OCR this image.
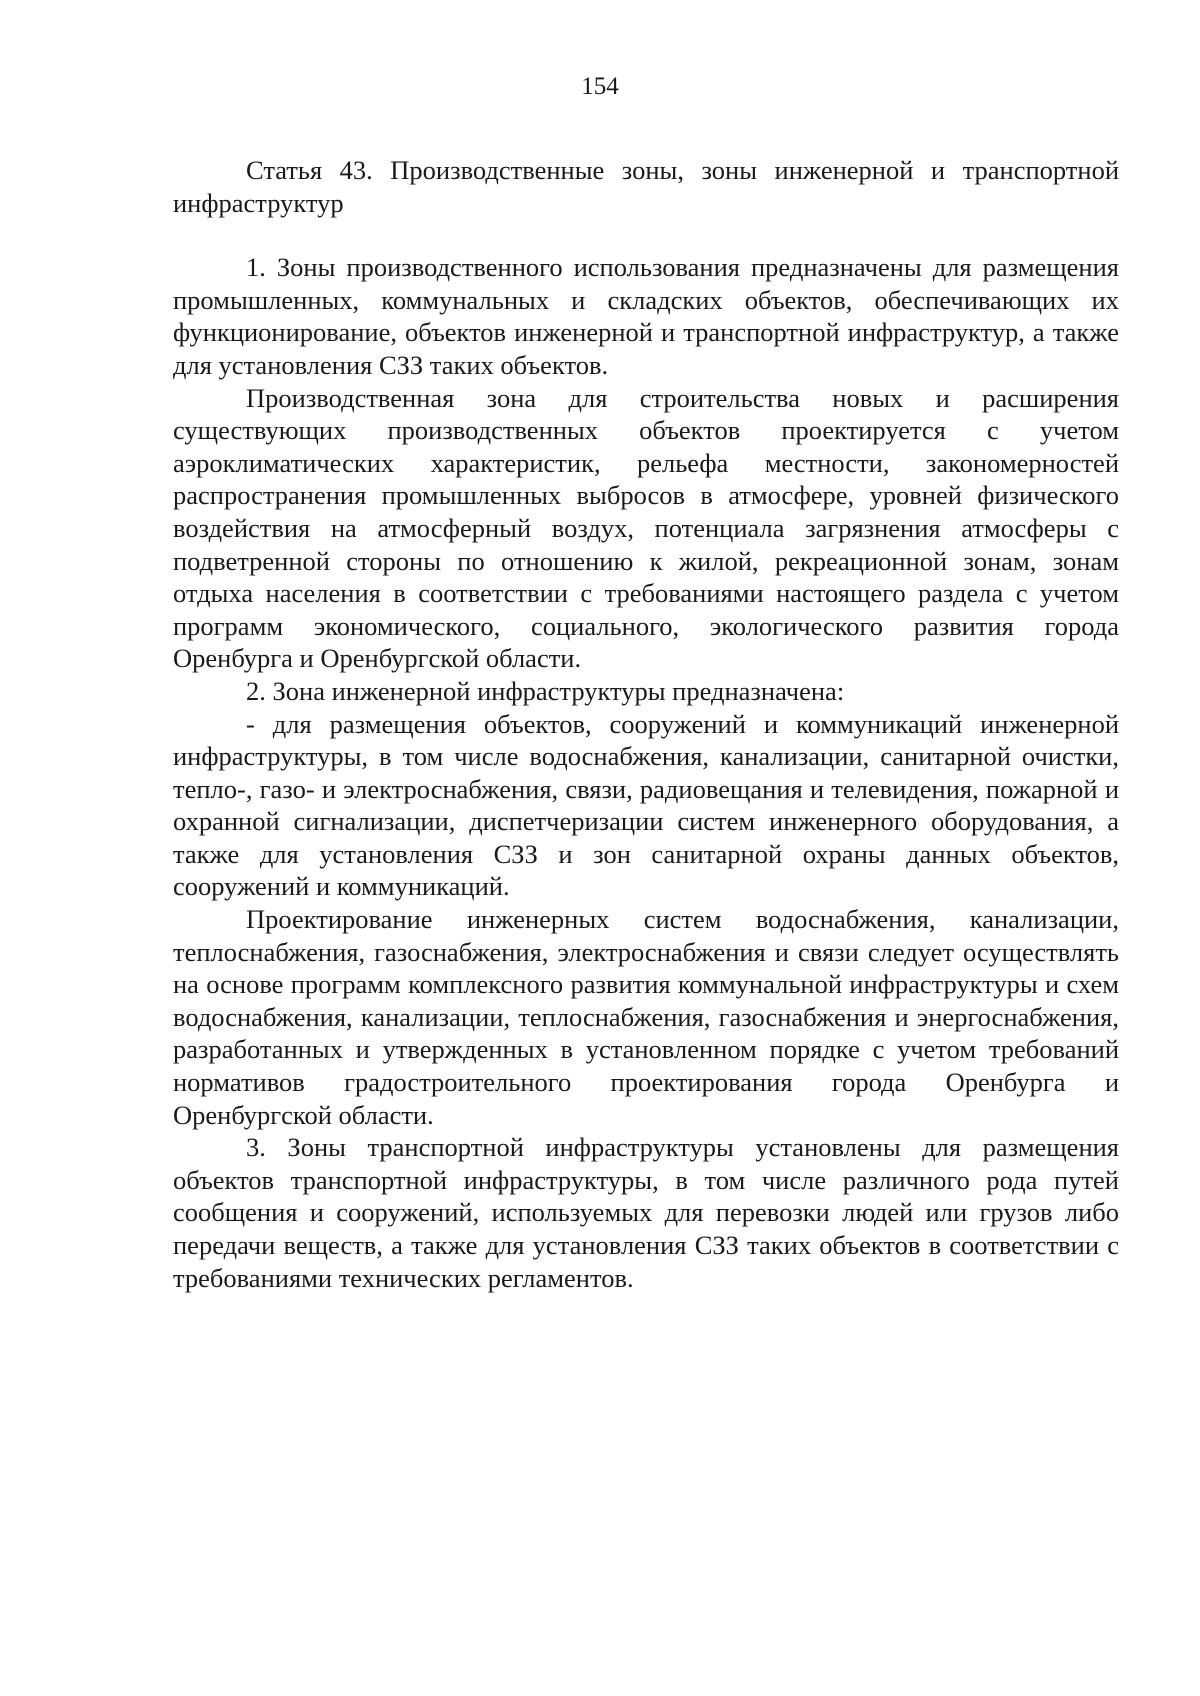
154
Статья 43. Производственные зоны, зоны инженерной и транспортной инфраструктур

1. Зоны производственного использования предназначены для размещения промышленных, коммунальных и складских объектов, обеспечивающих их функционирование, объектов инженерной и транспортной инфраструктур, а также для установления СЗЗ таких объектов.

Производственная зона для строительства новых и расширения существующих производственных объектов проектируется с учетом аэроклиматических характеристик, рельефа местности, закономерностей распространения промышленных выбросов в атмосфере, уровней физического воздействия на атмосферный воздух, потенциала загрязнения атмосферы с подветренной стороны по отношению к жилой, рекреационной зонам, зонам отдыха населения в соответствии с требованиями настоящего раздела с учетом программ экономического, социального, экологического развития города Оренбурга и Оренбургской области.

2. Зона инженерной инфраструктуры предназначена:

- для размещения объектов, сооружений и коммуникаций инженерной инфраструктуры, в том числе водоснабжения, канализации, санитарной очистки, тепло-, газо- и электроснабжения, связи, радиовещания и телевидения, пожарной и охранной сигнализации, диспетчеризации систем инженерного оборудования, а также для установления СЗЗ и зон санитарной охраны данных объектов, сооружений и коммуникаций.

Проектирование инженерных систем водоснабжения, канализации, теплоснабжения, газоснабжения, электроснабжения и связи следует осуществлять на основе программ комплексного развития коммунальной инфраструктуры и схем водоснабжения, канализации, теплоснабжения, газоснабжения и энергоснабжения, разработанных и утвержденных в установленном порядке с учетом требований нормативов градостроительного проектирования города Оренбурга и Оренбургской области.

3. Зоны транспортной инфраструктуры установлены для размещения объектов транспортной инфраструктуры, в том числе различного рода путей сообщения и сооружений, используемых для перевозки людей или грузов либо передачи веществ, а также для установления СЗЗ таких объектов в соответствии с требованиями технических регламентов.
